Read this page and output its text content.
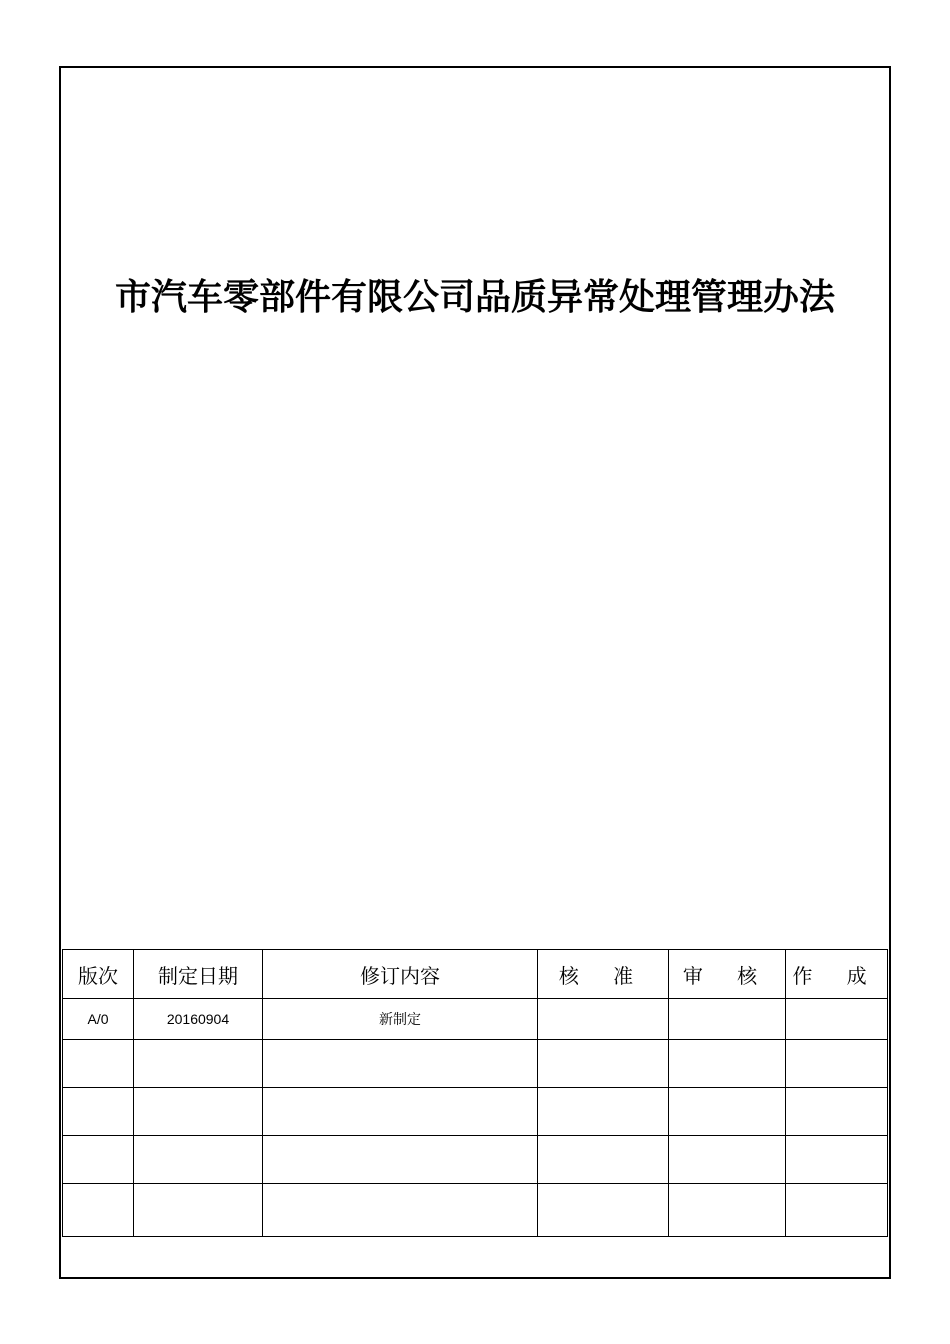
市汽车零部件有限公司品质异常处理管理办法
版次	制定日期	修订内容	核 准	审 核	作 成
A/0	20160904	新制定			
